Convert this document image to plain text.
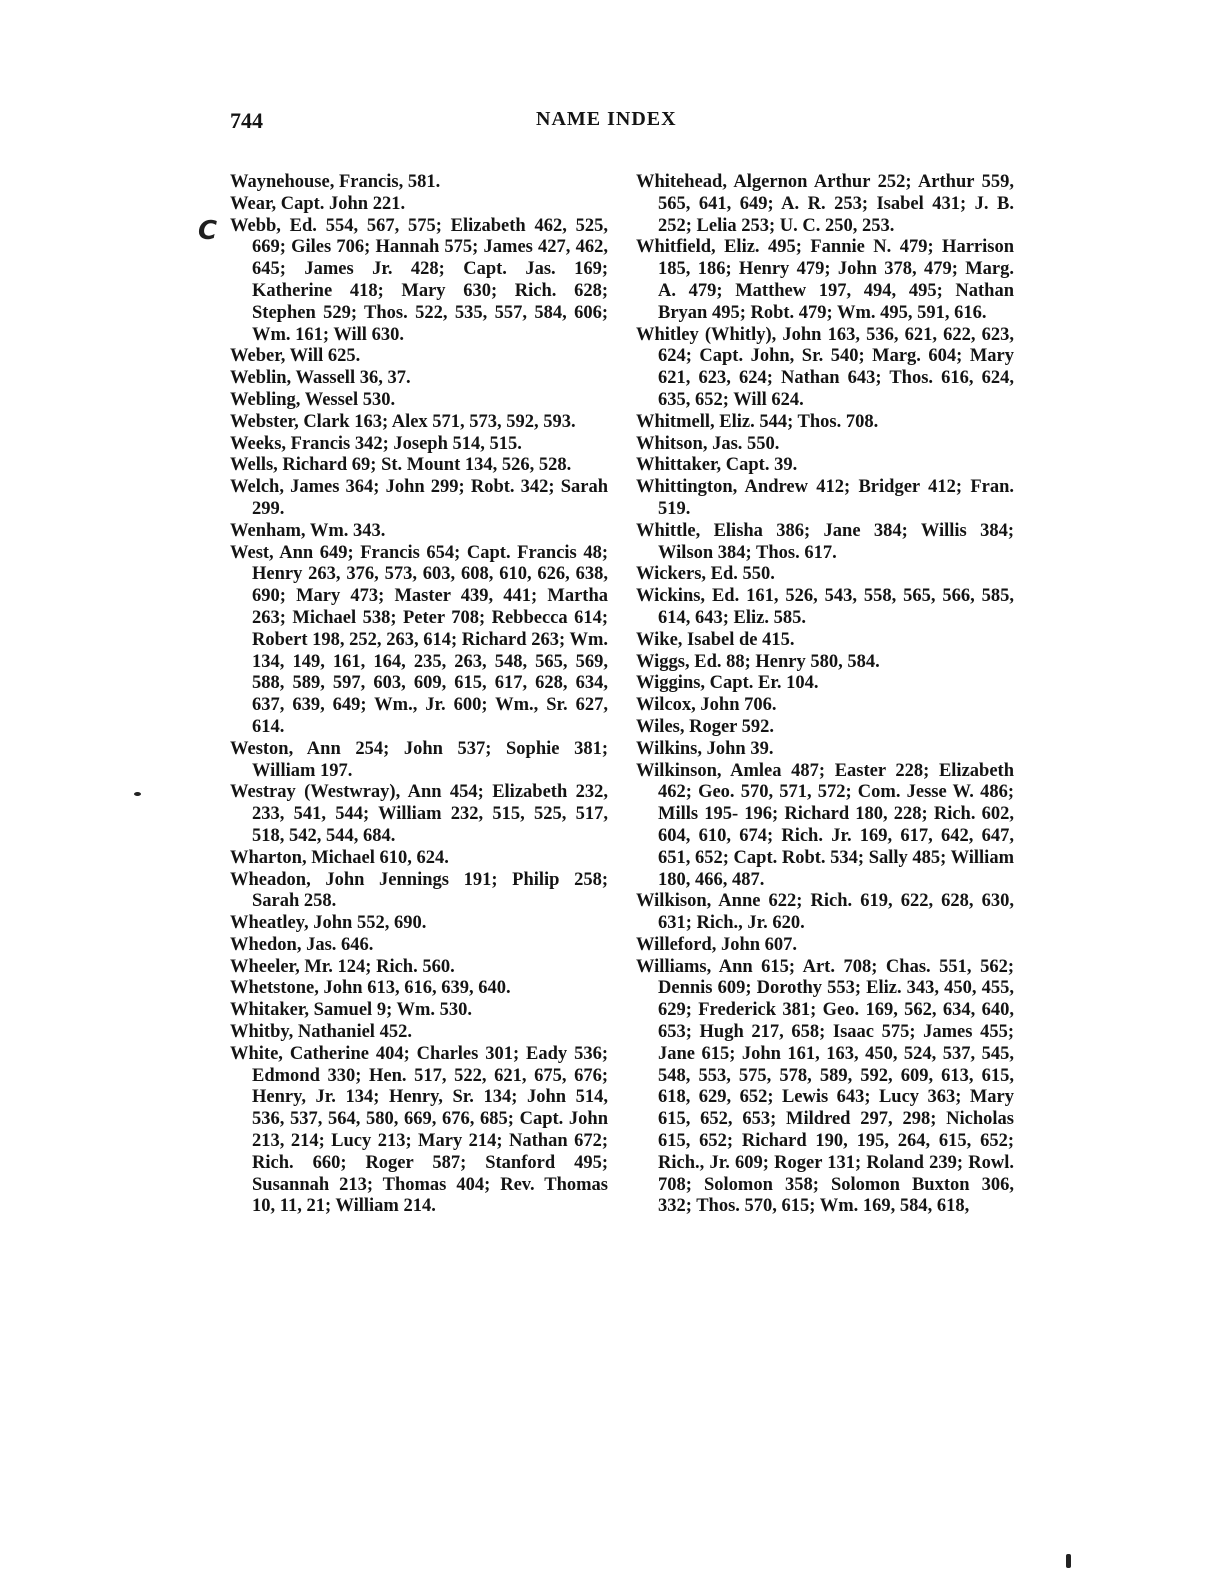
744	NAME INDEX
C

Waynehouse, Francis, 581.

Wear, Capt. John 221.

Webb, Ed. 554, 567, 575; Elizabeth 462, 525, 669; Giles 706; Hannah 575; James 427, 462, 645; James Jr. 428; Capt. Jas. 169; Katherine 418; Mary 630; Rich. 628; Stephen 529; Thos. 522, 535, 557, 584, 606; Wm. 161; Will 630.

Weber, Will 625.

Weblin, Wassell 36, 37.

Webling, Wessel 530.

Webster, Clark 163; Alex 571, 573, 592, 593.

Weeks, Francis 342; Joseph 514, 515.

Wells, Richard 69; St. Mount 134, 526, 528.

Welch, James 364; John 299; Robt. 342; Sarah 299.

Wenham, Wm. 343.

West, Ann 649; Francis 654; Capt. Francis 48; Henry 263, 376, 573, 603, 608, 610, 626, 638, 690; Mary 473; Master 439, 441; Martha 263; Michael 538; Peter 708; Rebbecca 614; Robert 198, 252, 263, 614; Richard 263; Wm. 134, 149, 161, 164, 235, 263, 548, 565, 569, 588, 589, 597, 603, 609, 615, 617, 628, 634, 637, 639, 649; Wm., Jr. 600; Wm., Sr. 627, 614.

Weston, Ann 254; John 537; Sophie 381; William 197.

Westray (Westwray), Ann 454; Elizabeth 232, 233, 541, 544; William 232, 515, 525, 517, 518, 542, 544, 684.

Wharton, Michael 610, 624.

Wheadon, John Jennings 191; Philip 258; Sarah 258.

Wheatley, John 552, 690.

Whedon, Jas. 646.

Wheeler, Mr. 124; Rich. 560.

Whetstone, John 613, 616, 639, 640.

Whitaker, Samuel 9; Wm. 530.

Whitby, Nathaniel 452.

White, Catherine 404; Charles 301; Eady 536; Edmond 330; Hen. 517, 522, 621, 675, 676; Henry, Jr. 134; Henry, Sr. 134; John 514, 536, 537, 564, 580, 669, 676, 685; Capt. John 213, 214; Lucy 213; Mary 214; Nathan 672; Rich. 660; Roger 587; Stanford 495; Susannah 213; Thomas 404; Rev. Thomas 10, 11, 21; William 214.

Whitehead, Algernon Arthur 252; Arthur 559, 565, 641, 649; A. R. 253; Isabel 431; J. B. 252; Lelia 253; U. C. 250, 253.

Whitfield, Eliz. 495; Fannie N. 479; Harrison 185, 186; Henry 479; John 378, 479; Marg. A. 479; Matthew 197, 494, 495; Nathan Bryan 495; Robt. 479; Wm. 495, 591, 616.

Whitley (Whitly), John 163, 536, 621, 622, 623, 624; Capt. John, Sr. 540; Marg. 604; Mary 621, 623, 624; Nathan 643; Thos. 616, 624, 635, 652; Will 624.

Whitmell, Eliz. 544; Thos. 708.

Whitson, Jas. 550.

Whittaker, Capt. 39.

Whittington, Andrew 412; Bridger 412; Fran. 519.

Whittle, Elisha 386; Jane 384; Willis 384; Wilson 384; Thos. 617.

Wickers, Ed. 550.

Wickins, Ed. 161, 526, 543, 558, 565, 566, 585, 614, 643; Eliz. 585.

Wike, Isabel de 415.

Wiggs, Ed. 88; Henry 580, 584.

Wiggins, Capt. Er. 104.

Wilcox, John 706.

Wiles, Roger 592.

Wilkins, John 39.

Wilkinson, Amlea 487; Easter 228; Elizabeth 462; Geo. 570, 571, 572; Com. Jesse W. 486; Mills 195- 196; Richard 180, 228; Rich. 602, 604, 610, 674; Rich. Jr. 169, 617, 642, 647, 651, 652; Capt. Robt. 534; Sally 485; William 180, 466, 487.

Wilkison, Anne 622; Rich. 619, 622, 628, 630, 631; Rich., Jr. 620.

Willeford, John 607.

Williams, Ann 615; Art. 708; Chas. 551, 562; Dennis 609; Dorothy 553; Eliz. 343, 450, 455, 629; Frederick 381; Geo. 169, 562, 634, 640, 653; Hugh 217, 658; Isaac 575; James 455; Jane 615; John 161, 163, 450, 524, 537, 545, 548, 553, 575, 578, 589, 592, 609, 613, 615, 618, 629, 652; Lewis 643; Lucy 363; Mary 615, 652, 653; Mildred 297, 298; Nicholas 615, 652; Richard 190, 195, 264, 615, 652; Rich., Jr. 609; Roger 131; Roland 239; Rowl. 708; Solomon 358; Solomon Buxton 306, 332; Thos. 570, 615; Wm. 169, 584, 618,
